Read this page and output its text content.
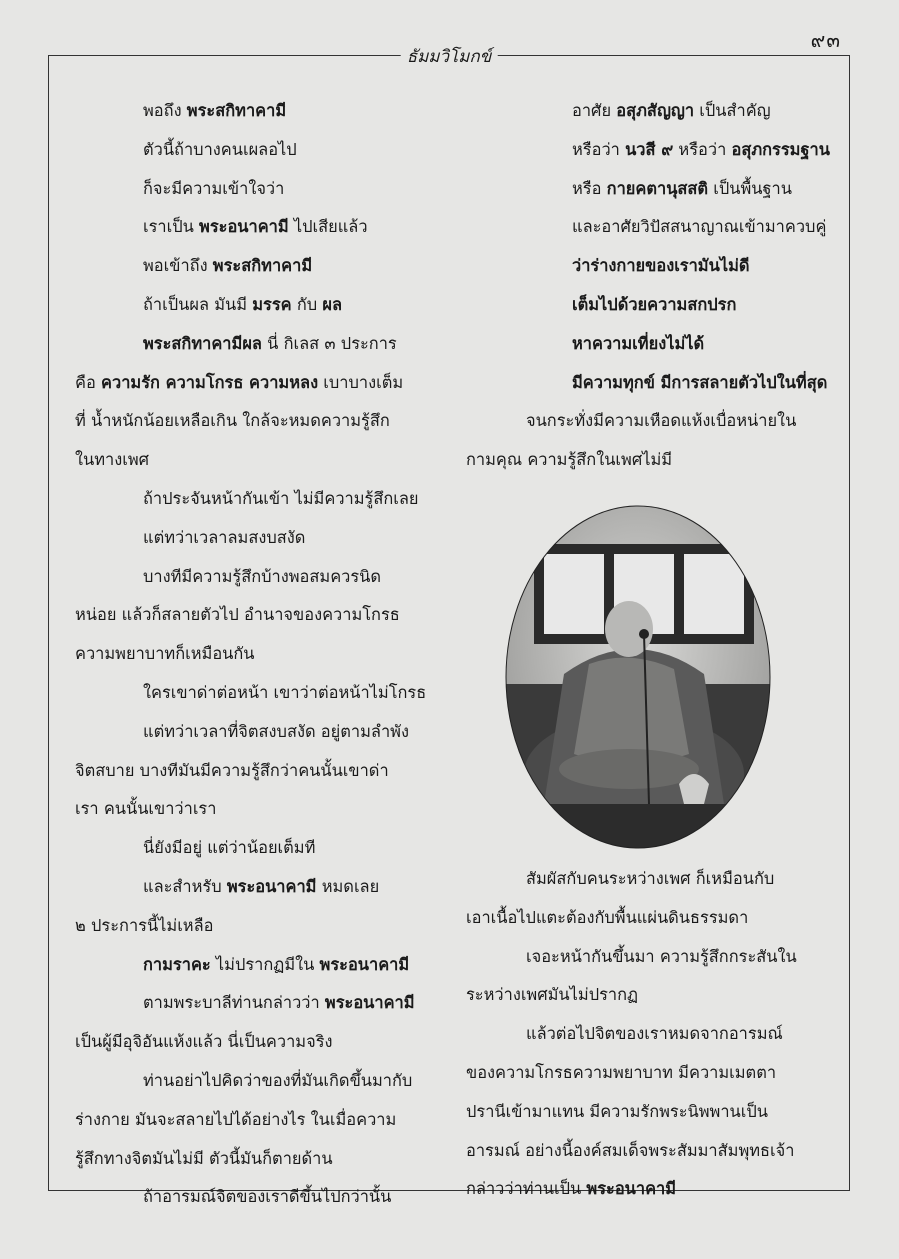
๙๓
ธัมมวิโมกข์
พอถึง พระสกิทาคามี
ตัวนี้ถ้าบางคนเผลอไป
ก็จะมีความเข้าใจว่า
เราเป็น พระอนาคามี ไปเสียแล้ว
พอเข้าถึง พระสกิทาคามี
ถ้าเป็นผล มันมี มรรค กับ ผล
พระสกิทาคามีผล นี่ กิเลส ๓ ประการ
คือ ความรัก ความโกรธ ความหลง เบาบางเต็ม
ที่ น้ำหนักน้อยเหลือเกิน ใกล้จะหมดความรู้สึก
ในทางเพศ
ถ้าประจันหน้ากันเข้า ไม่มีความรู้สึกเลย
แต่ทว่าเวลาลมสงบสงัด
บางทีมีความรู้สึกบ้างพอสมควรนิด
หน่อย แล้วก็สลายตัวไป อำนาจของความโกรธ
ความพยาบาทก็เหมือนกัน
ใครเขาด่าต่อหน้า เขาว่าต่อหน้าไม่โกรธ
แต่ทว่าเวลาที่จิตสงบสงัด อยู่ตามลำพัง
จิตสบาย บางทีมันมีความรู้สึกว่าคนนั้นเขาด่า
เรา คนนั้นเขาว่าเรา
นี่ยังมีอยู่ แต่ว่าน้อยเต็มที
และสำหรับ พระอนาคามี หมดเลย
๒ ประการนี้ไม่เหลือ
กามราคะ ไม่ปรากฏมีใน พระอนาคามี
ตามพระบาลีท่านกล่าวว่า พระอนาคามี
เป็นผู้มีอุจิอันแห้งแล้ว นี่เป็นความจริง
ท่านอย่าไปคิดว่าของที่มันเกิดขึ้นมากับ
ร่างกาย มันจะสลายไปได้อย่างไร ในเมื่อความ
รู้สึกทางจิตมันไม่มี ตัวนี้มันก็ตายด้าน
ถ้าอารมณ์จิตของเราดีขึ้นไปกว่านั้น
อาศัย อสุภสัญญา เป็นสำคัญ
หรือว่า นวสี ๙ หรือว่า อสุภกรรมฐาน
หรือ กายคตานุสสติ เป็นพื้นฐาน
และอาศัยวิปัสสนาญาณเข้ามาควบคู่
ว่าร่างกายของเรามันไม่ดี
เต็มไปด้วยความสกปรก
หาความเที่ยงไม่ได้
มีความทุกข์ มีการสลายตัวไปในที่สุด
จนกระทั่งมีความเหือดแห้งเบื่อหน่ายใน
กามคุณ ความรู้สึกในเพศไม่มี
สัมผัสกับคนระหว่างเพศ ก็เหมือนกับ
เอาเนื้อไปแตะต้องกับพื้นแผ่นดินธรรมดา
เจอะหน้ากันขึ้นมา ความรู้สึกกระสันใน
ระหว่างเพศมันไม่ปรากฏ
แล้วต่อไปจิตของเราหมดจากอารมณ์
ของความโกรธความพยาบาท มีความเมตตา
ปรานีเข้ามาแทน มีความรักพระนิพพานเป็น
อารมณ์ อย่างนี้องค์สมเด็จพระสัมมาสัมพุทธเจ้า
กล่าวว่าท่านเป็น พระอนาคามี
